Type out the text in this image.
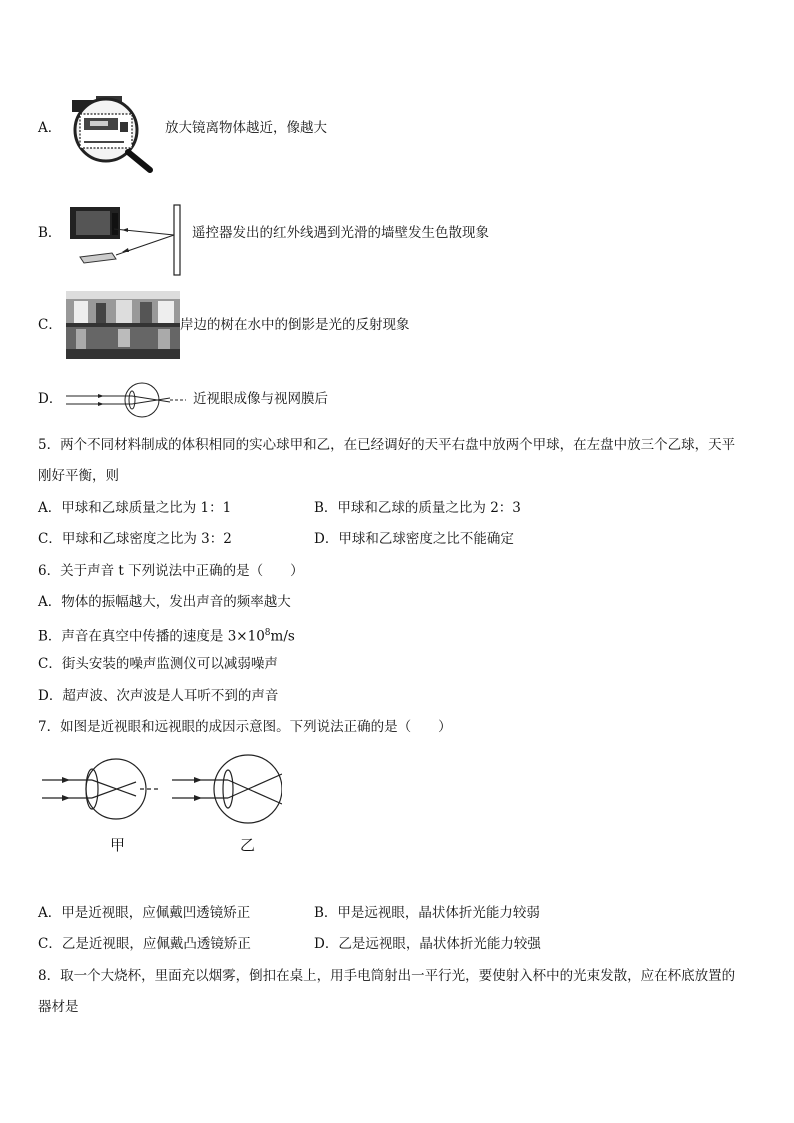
A．	放大镜离物体越近，像越大
B．	遥控器发出的红外线遇到光滑的墙壁发生色散现象
C．	岸边的树在水中的倒影是光的反射现象
D．	近视眼成像与视网膜后
5．两个不同材料制成的体积相同的实心球甲和乙，在已经调好的天平右盘中放两个甲球，在左盘中放三个乙球，天平
刚好平衡，则
A．甲球和乙球质量之比为 1：1	B．甲球和乙球的质量之比为 2：3
C．甲球和乙球密度之比为 3：2	D．甲球和乙球密度之比不能确定
6．关于声音 t 下列说法中正确的是（　　）
A．物体的振幅越大，发出声音的频率越大
B．声音在真空中传播的速度是 $3\times 10^8m/s$
C．街头安装的噪声监测仪可以减弱噪声
D．超声波、次声波是人耳听不到的声音
7．如图是近视眼和远视眼的成因示意图。下列说法正确的是（　　）
甲	乙
A．甲是近视眼，应佩戴凹透镜矫正	B．甲是远视眼，晶状体折光能力较弱
C．乙是近视眼，应佩戴凸透镜矫正	D．乙是远视眼，晶状体折光能力较强
8．取一个大烧杯，里面充以烟雾，倒扣在桌上，用手电筒射出一平行光，要使射入杯中的光束发散，应在杯底放置的
器材是
